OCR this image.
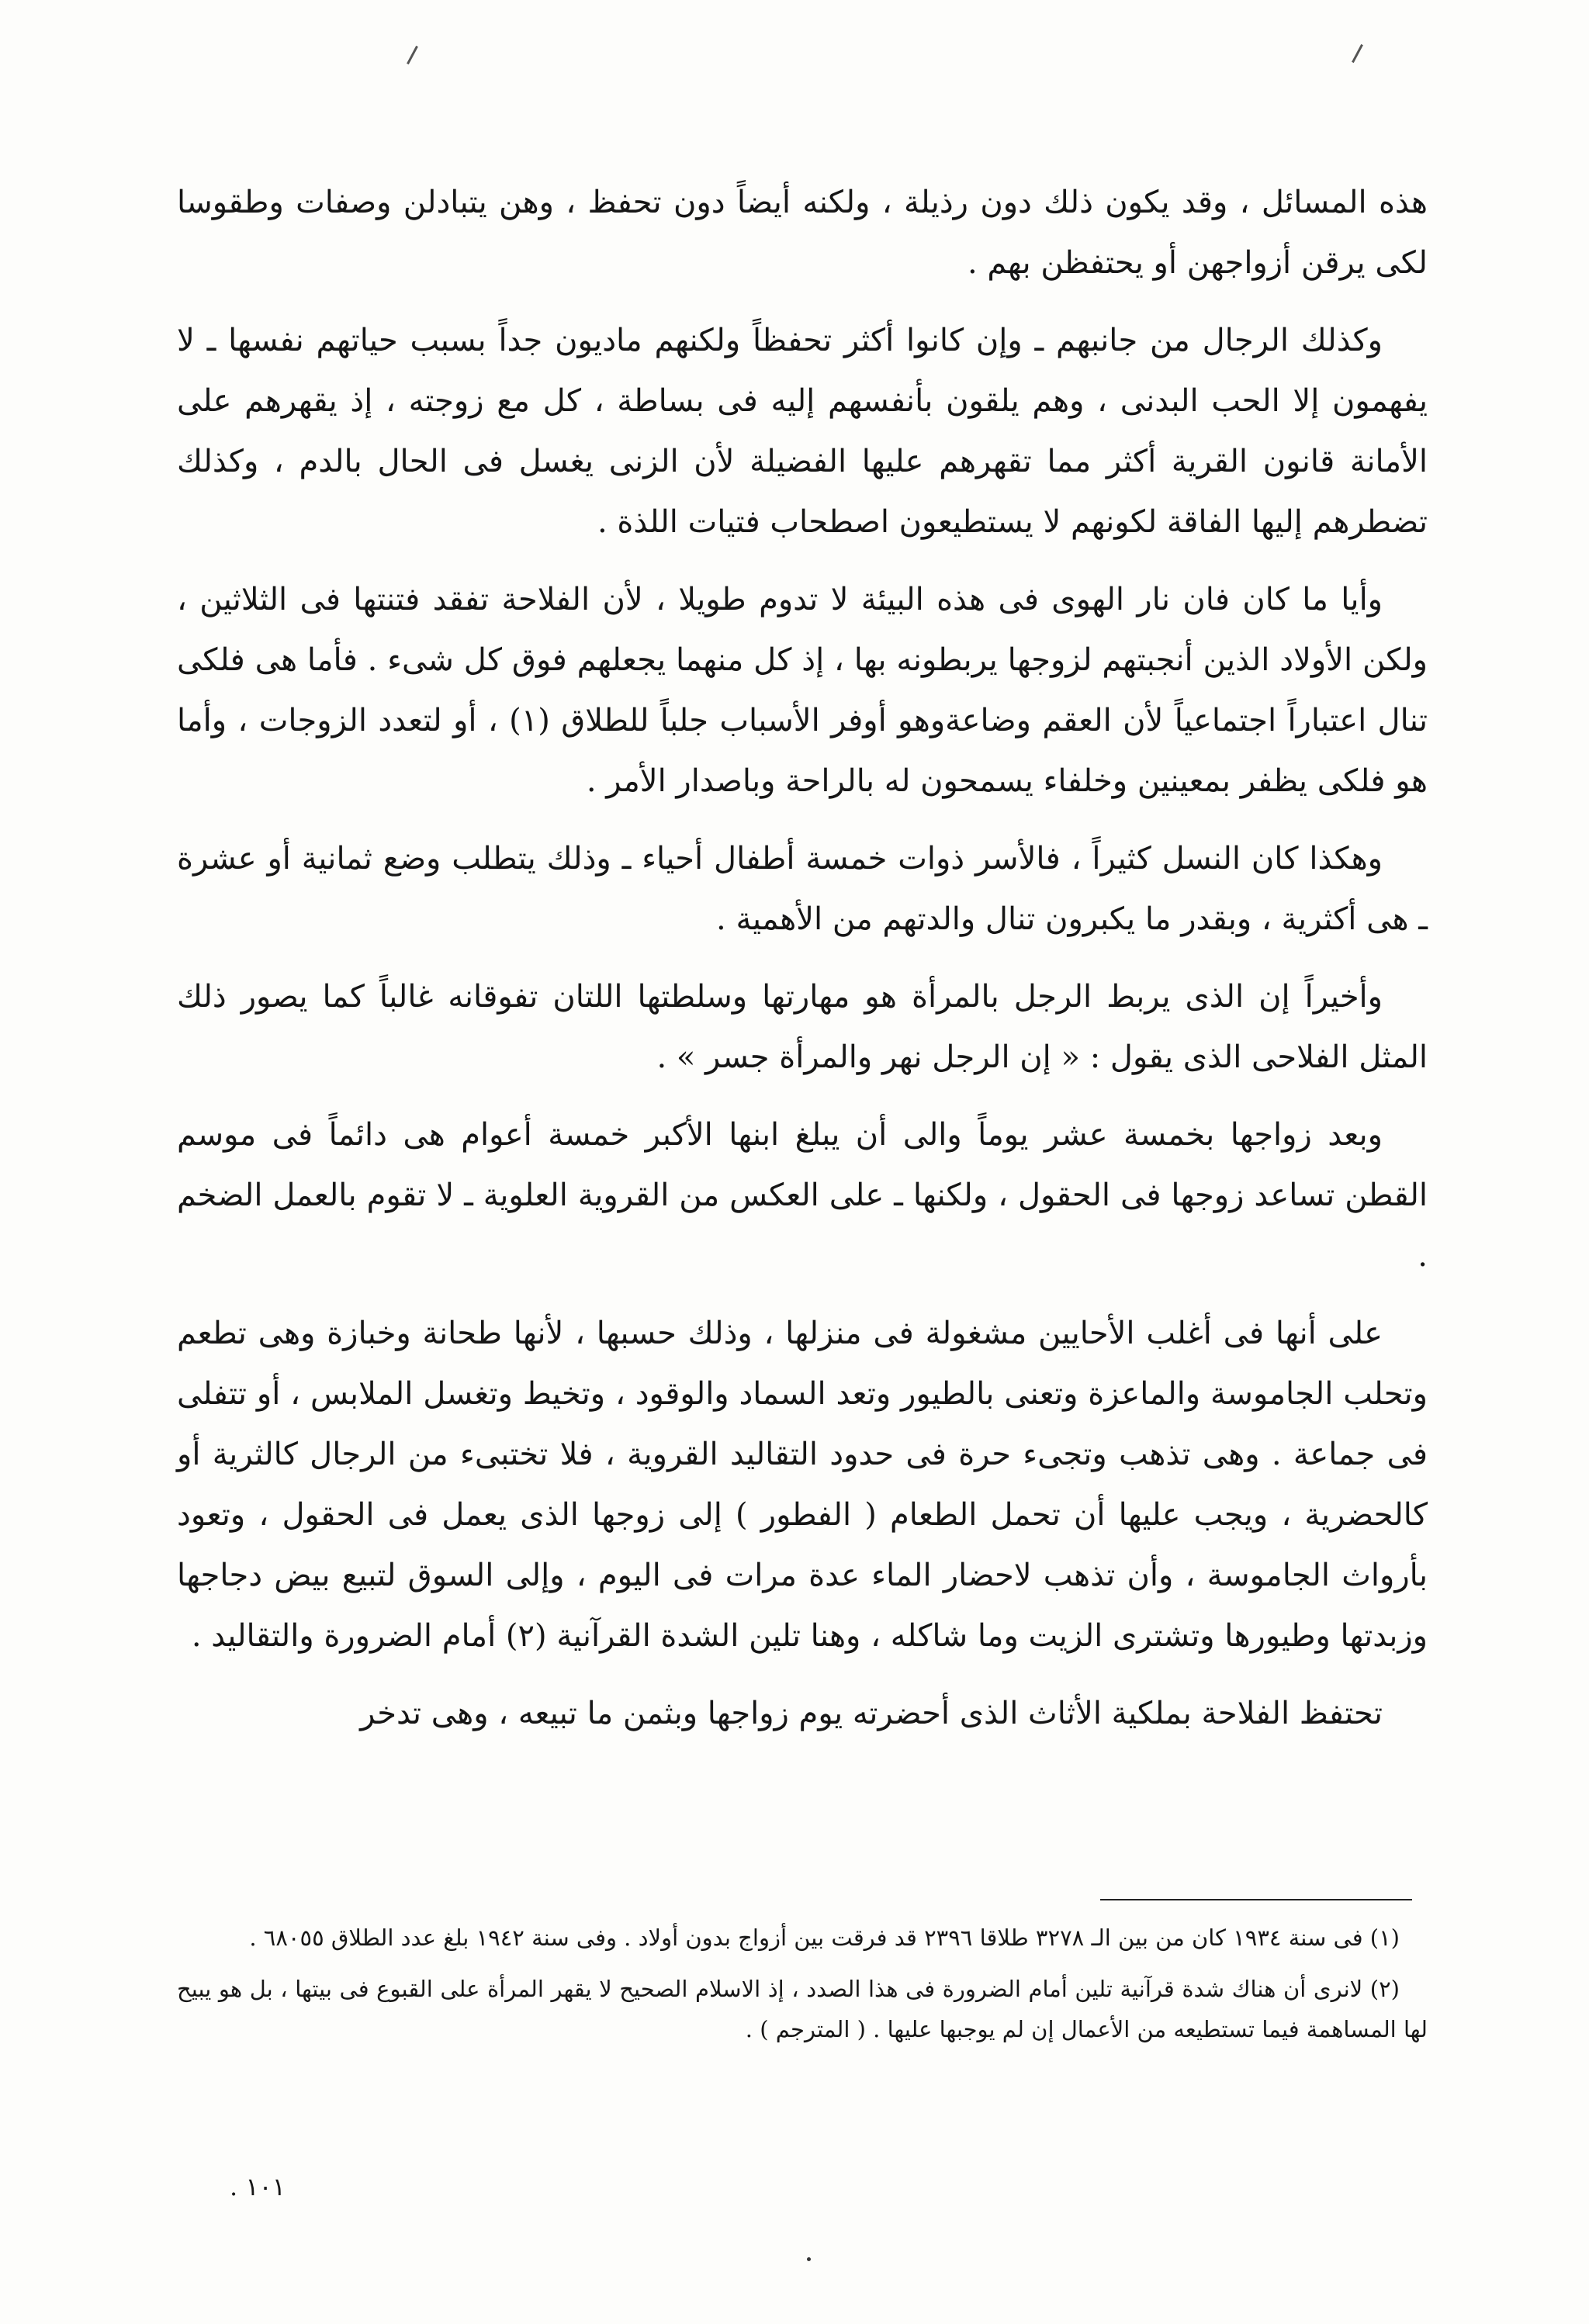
هذه المسائل ، وقد يكون ذلك دون رذيلة ، ولكنه أيضاً دون تحفظ ، وهن يتبادلن وصفات وطقوسا لكى يرقن أزواجهن أو يحتفظن بهم .

وكذلك الرجال من جانبهم ـ وإن كانوا أكثر تحفظاً ولكنهم ماديون جداً بسبب حياتهم نفسها ـ لا يفهمون إلا الحب البدنى ، وهم يلقون بأنفسهم إليه فى بساطة ، كل مع زوجته ، إذ يقهرهم على الأمانة قانون القرية أكثر مما تقهرهم عليها الفضيلة لأن الزنى يغسل فى الحال بالدم ، وكذلك تضطرهم إليها الفاقة لكونهم لا يستطيعون اصطحاب فتيات اللذة .

وأيا ما كان فان نار الهوى فى هذه البيئة لا تدوم طويلا ، لأن الفلاحة تفقد فتنتها فى الثلاثين ، ولكن الأولاد الذين أنجبتهم لزوجها يربطونه بها ، إذ كل منهما يجعلهم فوق كل شىء . فأما هى فلكى تنال اعتباراً اجتماعياً لأن العقم وضاعةوهو أوفر الأسباب جلباً للطلاق (١) ، أو لتعدد الزوجات ، وأما هو فلكى يظفر بمعينين وخلفاء يسمحون له بالراحة وباصدار الأمر .

وهكذا كان النسل كثيراً ، فالأسر ذوات خمسة أطفال أحياء ـ وذلك يتطلب وضع ثمانية أو عشرة ـ هى أكثرية ، وبقدر ما يكبرون تنال والدتهم من الأهمية .

وأخيراً إن الذى يربط الرجل بالمرأة هو مهارتها وسلطتها اللتان تفوقانه غالباً كما يصور ذلك المثل الفلاحى الذى يقول : « إن الرجل نهر والمرأة جسر » .

وبعد زواجها بخمسة عشر يوماً والى أن يبلغ ابنها الأكبر خمسة أعوام هى دائماً فى موسم القطن تساعد زوجها فى الحقول ، ولكنها ـ على العكس من القروية العلوية ـ لا تقوم بالعمل الضخم .

على أنها فى أغلب الأحايين مشغولة فى منزلها ، وذلك حسبها ، لأنها طحانة وخبازة وهى تطعم وتحلب الجاموسة والماعزة وتعنى بالطيور وتعد السماد والوقود ، وتخيط وتغسل الملابس ، أو تتفلى فى جماعة . وهى تذهب وتجىء حرة فى حدود التقاليد القروية ، فلا تختبىء من الرجال كالثرية أو كالحضرية ، ويجب عليها أن تحمل الطعام ( الفطور ) إلى زوجها الذى يعمل فى الحقول ، وتعود بأرواث الجاموسة ، وأن تذهب لاحضار الماء عدة مرات فى اليوم ، وإلى السوق لتبيع بيض دجاجها وزبدتها وطيورها وتشترى الزيت وما شاكله ، وهنا تلين الشدة القرآنية (٢) أمام الضرورة والتقاليد .

تحتفظ الفلاحة بملكية الأثاث الذى أحضرته يوم زواجها وبثمن ما تبيعه ، وهى تدخر

(١) فى سنة ١٩٣٤ كان من بين الـ ٣٢٧٨ طلاقا ٢٣٩٦ قد فرقت بين أزواج بدون أولاد . وفى سنة ١٩٤٢ بلغ عدد الطلاق ٦٨٠٥٥ .

(٢) لانرى أن هناك شدة قرآنية تلين أمام الضرورة فى هذا الصدد ، إذ الاسلام الصحيح لا يقهر المرأة على القبوع فى بيتها ، بل هو يبيح لها المساهمة فيما تستطيعه من الأعمال إن لم يوجبها عليها . ( المترجم ) .

١٠١ .
